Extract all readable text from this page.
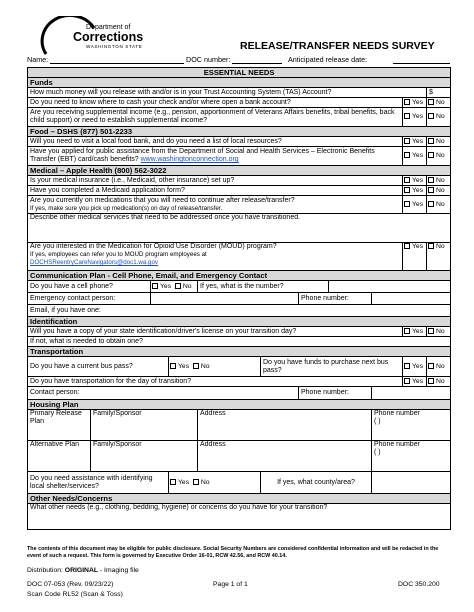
Department of
Corrections
WASHINGTON STATE	RELEASE/TRANSFER NEEDS SURVEY
Name:	DOC number:	Anticipated release date:
ESSENTIAL NEEDS										
Funds										
How much money will you release with and/or is in your Trust Accounting System (TAS) Account?										$
Do you need to know where to cash your check and/or where open a bank account?									Yes	No
Are you receiving supplemental income (e.g., pension, apportionment of Veterans Affairs benefits, tribal benefits, back child support) or need to establish supplemental income?									Yes	No
Food – DSHS (877) 501-2233										
Will you need to visit a local food bank, and do you need a list of local resources?									Yes	No
Have you applied for public assistance from the Department of Social and Health Services – Electronic Benefits Transfer (EBT) card/cash benefits? www.washingtonconnection.org									Yes	No
Medical – Apple Health (800) 562-3022										
Is your medical insurance (i.e., Medicaid, other insurance) set up?									Yes	No
Have you completed a Medicaid application form?									Yes	No

Are you currently on medications that you will need to continue after release/transfer?
If yes, make sure you pick up medication(s) on day of release/transfer.									Yes	No
Describe other medical services that need to be addressed once you have transitioned.										

Are you interested in the Medication for Opioid Use Disorder (MOUD) program?
If yes, employees can refer you to MOUD program employees at
DOCHSReentryCareNavigators@doc1.wa.gov									Yes	No
Communication Plan - Cell Phone, Email, and Emergency Contact										
Do you have a cell phone?		Yes No		If yes, what is the number?						
Emergency contact person:						Phone number:				
Email, if you have one:										
Identification										
Will you have a copy of your state identification/driver's license on your transition day?									Yes	No
If not, what is needed to obtain one?										
Transportation										
Do you have a current bus pass?			Yes No		Do you have funds to purchase next bus pass?				Yes	No
Do you have transportation for the day of transition?									Yes	No
Contact person:						Phone number:				
Housing Plan										
Primary Release Plan	Family/Sponsor			Address				Phone number
( )		

Alternative Plan	Family/Sponsor			Address				Phone number
( )		

Do you need assistance with identifying local shelter/services?			Yes No		If yes, what county/area?					
Other Needs/Concerns										
What other needs (e.g., clothing, bedding, hygiene) or concerns do you have for your transition?										
The contents of this document may be eligible for public disclosure. Social Security Numbers are considered confidential information and will be redacted in the event of such a request. This form is governed by Executive Order 16-01, RCW 42.56, and RCW 40.14.
Distribution: ORIGINAL - Imaging file
DOC 07-053 (Rev. 09/23/22)	Page 1 of 1	DOC 350.200
Scan Code RL52 (Scan & Toss)
